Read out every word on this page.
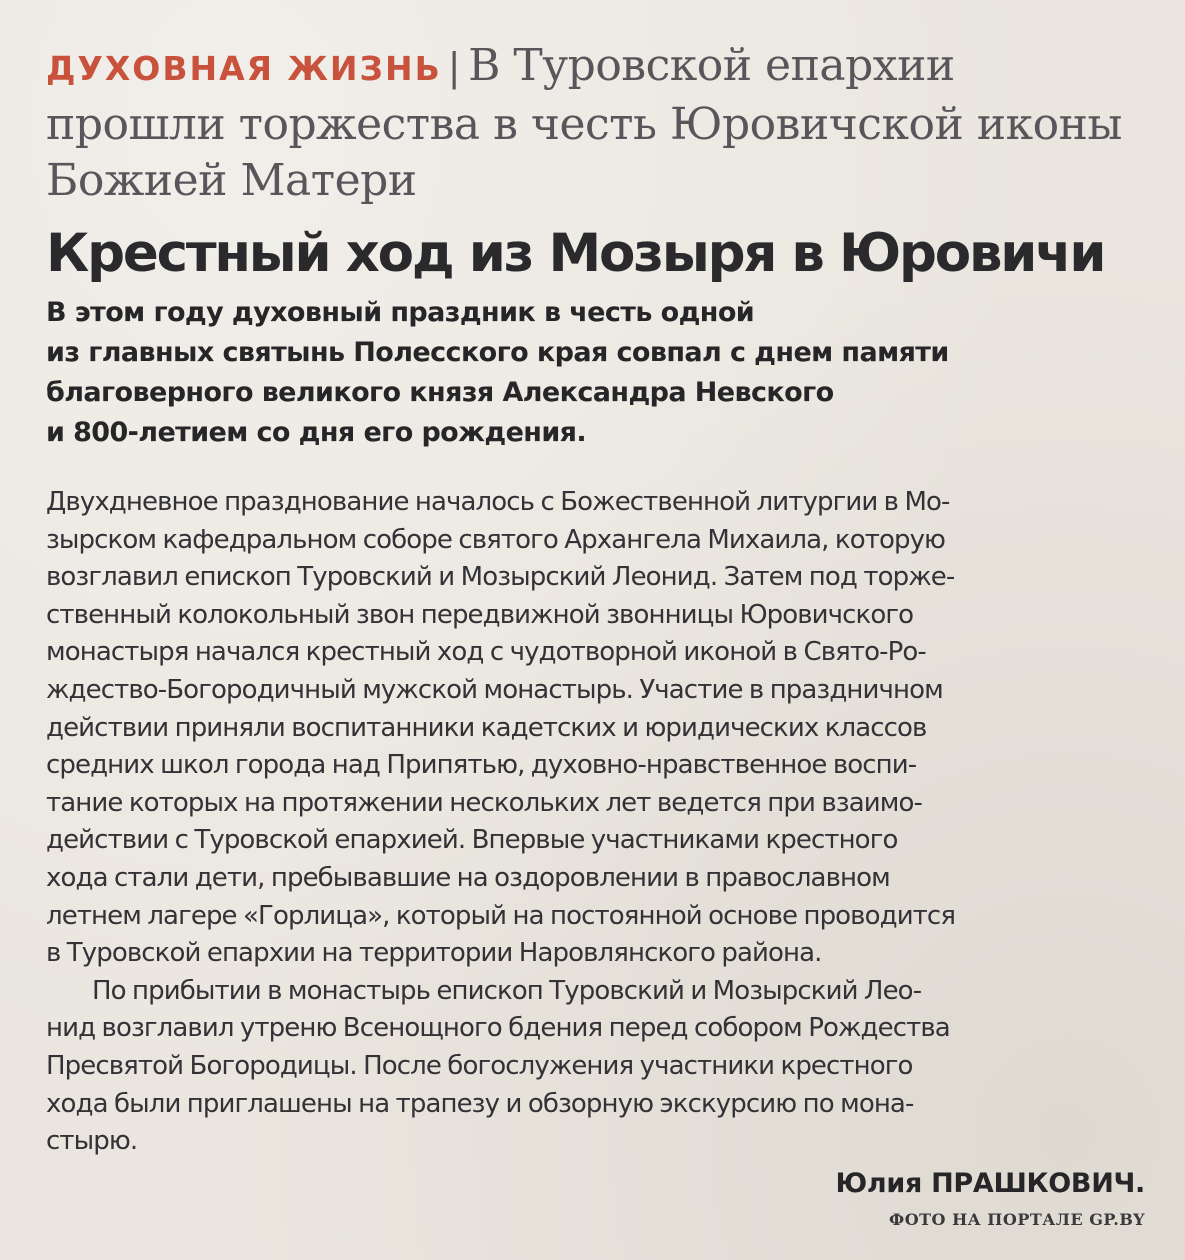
ДУХОВНАЯ ЖИЗНЬ | В Туровской епархии
прошли торжества в честь Юровичской иконы
Божией Матери
Крестный ход из Мозыря в Юровичи
В этом году духовный праздник в честь одной
из главных святынь Полесского края совпал с днем памяти
благоверного великого князя Александра Невского
и 800-летием со дня его рождения.
Двухдневное празднование началось с Божественной литургии в Мо-
зырском кафедральном соборе святого Архангела Михаила, которую
возглавил епископ Туровский и Мозырский Леонид. Затем под торже-
ственный колокольный звон передвижной звонницы Юровичского
монастыря начался крестный ход с чудотворной иконой в Свято-Ро-
ждество-Богородичный мужской монастырь. Участие в праздничном
действии приняли воспитанники кадетских и юридических классов
средних школ города над Припятью, духовно-нравственное воспи-
тание которых на протяжении нескольких лет ведется при взаимо-
действии с Туровской епархией. Впервые участниками крестного
хода стали дети, пребывавшие на оздоровлении в православном
летнем лагере «Горлица», который на постоянной основе проводится
в Туровской епархии на территории Наровлянского района.
По прибытии в монастырь епископ Туровский и Мозырский Лео-
нид возглавил утреню Всенощного бдения перед собором Рождества
Пресвятой Богородицы. После богослужения участники крестного
хода были приглашены на трапезу и обзорную экскурсию по мона-
стырю.
Юлия ПРАШКОВИЧ.
ФОТО НА ПОРТАЛЕ GP.BY
